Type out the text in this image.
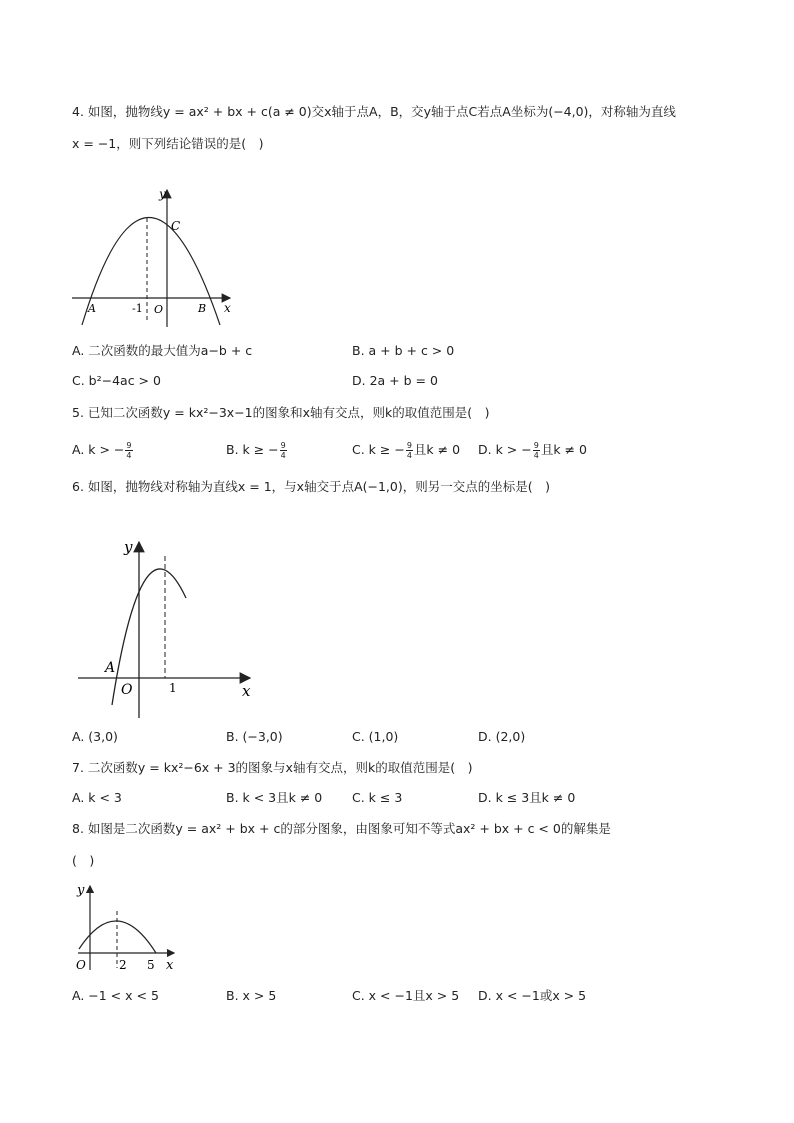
4. 如图，抛物线y = ax² + bx + c(a ≠ 0)交x轴于点A，B，交y轴于点C若点A坐标为(−4,0)，对称轴为直线
x = −1，则下列结论错误的是(　)
y
C
A	-1 O	B x
A. 二次函数的最大值为a−b + c	B. a + b + c > 0
C. b²−4ac > 0	D. 2a + b = 0
5. 已知二次函数y = kx²−3x−1的图象和x轴有交点，则k的取值范围是(　)
A. k > − $\frac{9}{4}$	B. k ≥ − $\frac{9}{4}$	C. k ≥ − $\frac{9}{4}$ 且k ≠ 0 D. k > − $\frac{9}{4}$ 且k ≠ 0
6. 如图，抛物线对称轴为直线x = 1，与x轴交于点A(−1,0)，则另一交点的坐标是(　)
y
A
O	1	x
A. (3,0)	B. (−3,0)	C. (1,0)	D. (2,0)
7. 二次函数y = kx²−6x + 3的图象与x轴有交点，则k的取值范围是(　)
A. k < 3	B. k < 3且k ≠ 0 C. k ≤ 3	D. k ≤ 3且k ≠ 0
8. 如图是二次函数y = ax² + bx + c的部分图象，由图象可知不等式ax² + bx + c < 0的解集是
(　)
y
O	2 5 x
A. −1 < x < 5	B. x > 5	C. x < −1且x > 5 D. x < −1或x > 5
